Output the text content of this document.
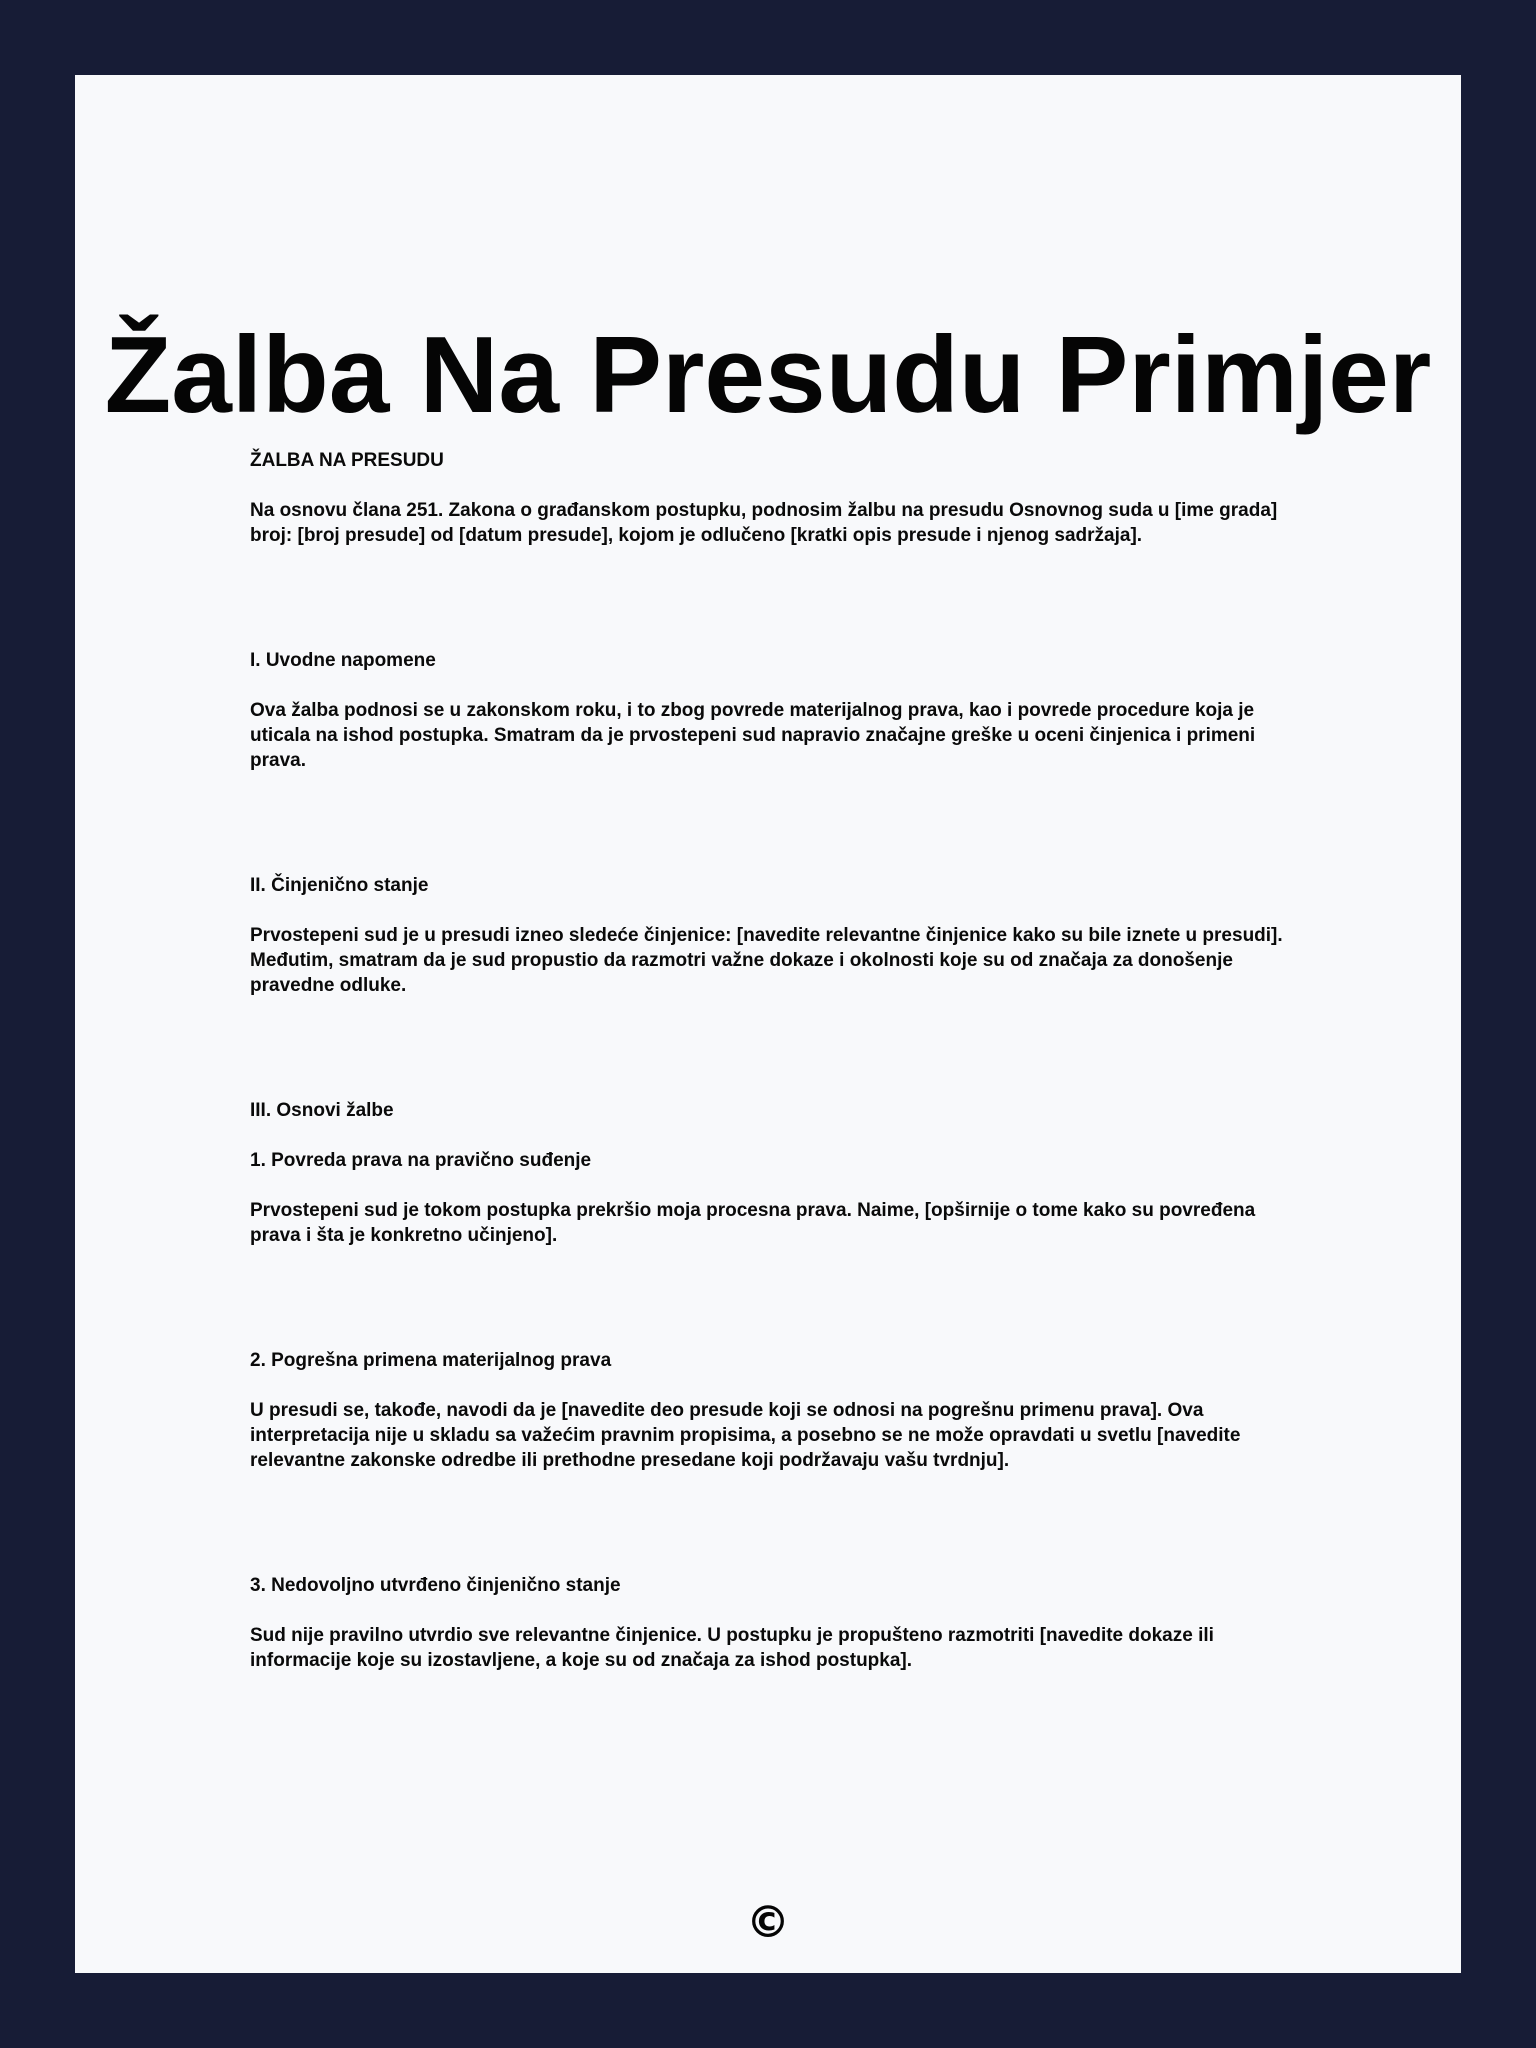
Žalba Na Presudu Primjer

ŽALBA NA PRESUDU

Na osnovu člana 251. Zakona o građanskom postupku, podnosim žalbu na presudu Osnovnog suda u [ime grada] broj: [broj presude] od [datum presude], kojom je odlučeno [kratki opis presude i njenog sadržaja].

I. Uvodne napomene

Ova žalba podnosi se u zakonskom roku, i to zbog povrede materijalnog prava, kao i povrede procedure koja je uticala na ishod postupka. Smatram da je prvostepeni sud napravio značajne greške u oceni činjenica i primeni prava.

II. Činjenično stanje

Prvostepeni sud je u presudi izneo sledeće činjenice: [navedite relevantne činjenice kako su bile iznete u presudi]. Međutim, smatram da je sud propustio da razmotri važne dokaze i okolnosti koje su od značaja za donošenje pravedne odluke.

III. Osnovi žalbe

1. Povreda prava na pravično suđenje

Prvostepeni sud je tokom postupka prekršio moja procesna prava. Naime, [opširnije o tome kako su povređena prava i šta je konkretno učinjeno].

2. Pogrešna primena materijalnog prava

U presudi se, takođe, navodi da je [navedite deo presude koji se odnosi na pogrešnu primenu prava]. Ova interpretacija nije u skladu sa važećim pravnim propisima, a posebno se ne može opravdati u svetlu [navedite relevantne zakonske odredbe ili prethodne presedane koji podržavaju vašu tvrdnju].

3. Nedovoljno utvrđeno činjenično stanje

Sud nije pravilno utvrdio sve relevantne činjenice. U postupku je propušteno razmotriti [navedite dokaze ili informacije koje su izostavljene, a koje su od značaja za ishod postupka].

©
